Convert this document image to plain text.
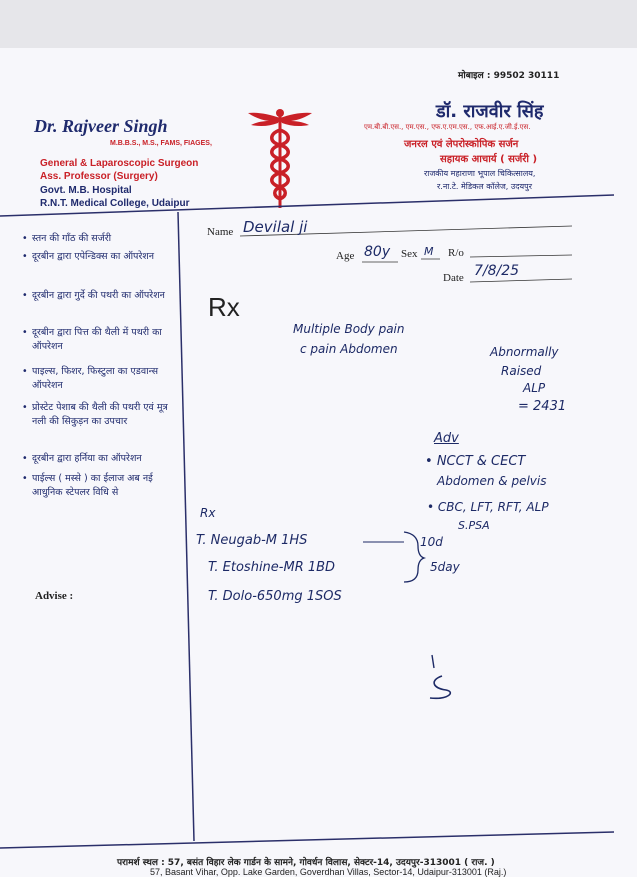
मोबाइल : 99502 30111
Dr. Rajveer Singh
M.B.B.S., M.S., FAMS, FIAGES,
General & Laparoscopic Surgeon
Ass. Professor (Surgery)
Govt. M.B. Hospital
R.N.T. Medical College, Udaipur
डॉ. राजवीर सिंह
एम.बी.बी.एस., एम.एस., एफ.ए.एम.एस., एफ.आई.ए.जी.ई.एस.
जनरल एवं लेपरोस्कोपिक सर्जन
सहायक आचार्य ( सर्जरी )
राजकीय महाराणा भूपाल चिकित्सालय,
र.ना.टे. मेडिकल कॉलेज, उदयपुर
• स्तन की गाँठ की सर्जरी
• दूरबीन द्वारा एपेन्डिक्स का ऑपरेशन
• दूरबीन द्वारा गुर्दे की पथरी का ऑपरेशन
• दूरबीन द्वारा पित्त की थैली में पथरी का ऑपरेशन
• पाइल्स, फिशर, फिस्टुला का एडवान्स ऑपरेशन
• प्रोस्टेट पेशाब की थैली की पथरी एवं मूत्र नली की सिकुड़न का उपचार
• दूरबीन द्वारा हर्निया का ऑपरेशन
• पाईल्स ( मस्से ) का ईलाज अब नई आधुनिक स्टेपलर विधि से
Advise :
Name Devilal ji
Age 80y Sex M R/o
Date 7/8/25
Rx
Multiple Body pain
c pain Abdomen	Abnormally
Raised
ALP
= 2431
Adv
• NCCT & CECT
Abdomen & pelvis
• CBC, LFT, RFT, ALP
S.PSA
Rx
T. Neugab-M 1HS
T. Etoshine-MR 1BD
T. Dolo-650mg 1SOS
10d
5day
परामर्श स्थल : 57, बसंत विहार लेक गार्डन के सामने, गोवर्धन विलास, सेक्टर-14, उदयपुर-313001 ( राज. )
57, Basant Vihar, Opp. Lake Garden, Goverdhan Villas, Sector-14, Udaipur-313001 (Raj.)
